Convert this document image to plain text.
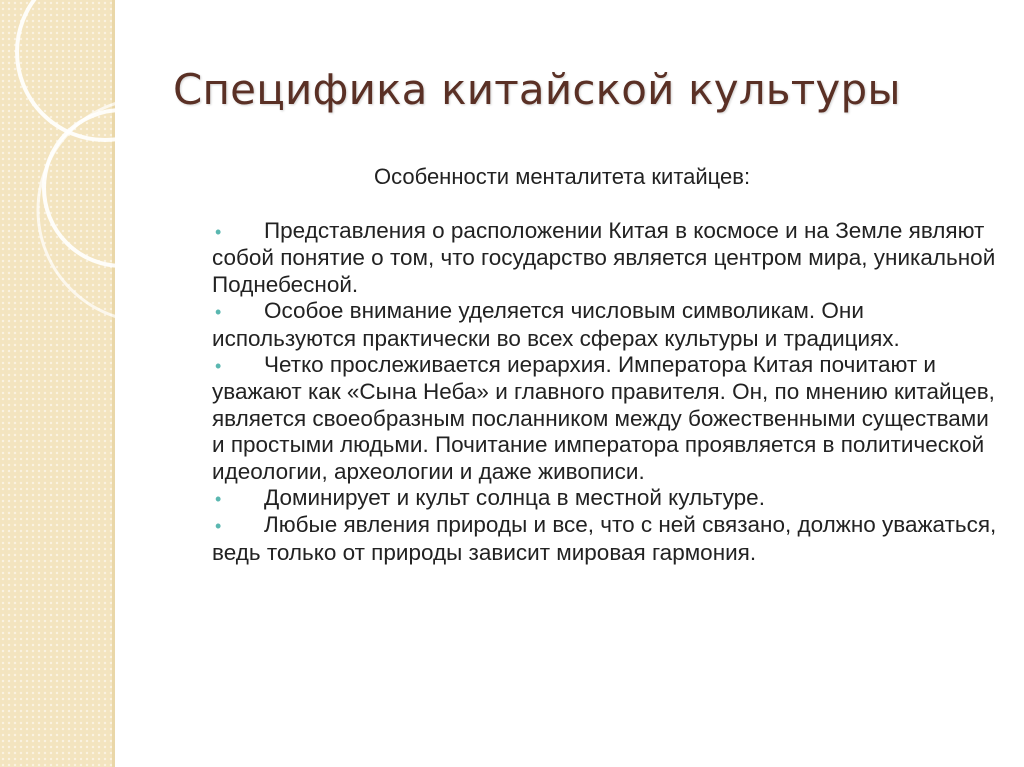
Специфика китайской культуры
Особенности менталитета китайцев:

• Представления о расположении Китая в космосе и на Земле являют собой понятие о том, что государство является центром мира, уникальной Поднебесной.

• Особое внимание уделяется числовым символикам. Они используются практически во всех сферах культуры и традициях.

• Четко прослеживается иерархия. Императора Китая почитают и уважают как «Сына Неба» и главного правителя. Он, по мнению китайцев, является своеобразным посланником между божественными существами и простыми людьми. Почитание императора проявляется в политической идеологии, археологии и даже живописи.

• Доминирует и культ солнца в местной культуре.

• Любые явления природы и все, что с ней связано, должно уважаться, ведь только от природы зависит мировая гармония.
